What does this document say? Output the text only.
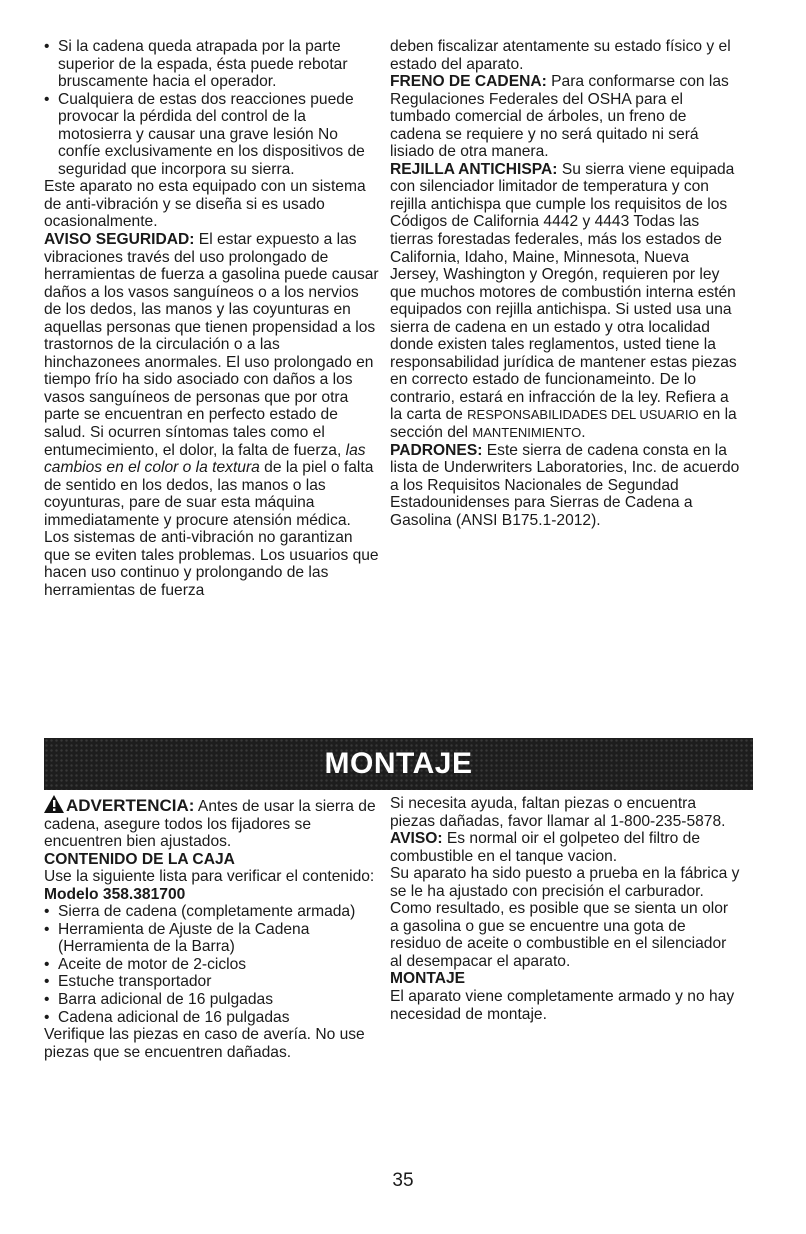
• Si la cadena queda atrapada por la parte superior de la espada, ésta puede rebotar bruscamente hacia el operador.
• Cualquiera de estas dos reacciones puede provocar la pérdida del control de la motosierra y causar una grave lesión No confíe exclusivamente en los dispositivos de seguridad que incorpora su sierra.

Este aparato no esta equipado con un sistema de anti-vibración y se diseña si es usado ocasionalmente.

AVISO SEGURIDAD: El estar expuesto a las vibraciones través del uso prolongado de herramientas de fuerza a gasolina puede causar daños a los vasos sanguíneos o a los nervios de los dedos, las manos y las coyunturas en aquellas personas que tienen propensidad a los trastornos de la circulación o a las hinchazonees anormales. El uso prolongado en tiempo frío ha sido asociado con daños a los vasos sanguíneos de personas que por otra parte se encuentran en perfecto estado de salud. Si ocurren síntomas tales como el entumecimiento, el dolor, la falta de fuerza, las cambios en el color o la textura de la piel o falta de sentido en los dedos, las manos o las coyunturas, pare de suar esta máquina immediatamente y procure atensión médica. Los sistemas de anti-vibración no garantizan que se eviten tales problemas. Los usuarios que hacen uso continuo y prolongando de las herramientas de fuerza

deben fiscalizar atentamente su estado físico y el estado del aparato.

FRENO DE CADENA: Para conformarse con las Regulaciones Federales del OSHA para el tumbado comercial de árboles, un freno de cadena se requiere y no será quitado ni será lisiado de otra manera.

REJILLA ANTICHISPA: Su sierra viene equipada con silenciador limitador de temperatura y con rejilla antichispa que cumple los requisitos de los Códigos de California 4442 y 4443 Todas las tierras forestadas federales, más los estados de California, Idaho, Maine, Minnesota, Nueva Jersey, Washington y Oregón, requieren por ley que muchos motores de combustión interna estén equipados con rejilla antichispa. Si usted usa una sierra de cadena en un estado y otra localidad donde existen tales reglamentos, usted tiene la responsabilidad jurídica de mantener estas piezas en correcto estado de funcionameinto. De lo contrario, estará en infracción de la ley. Refiera a la carta de RESPONSABILIDADES DEL USUARIO en la sección del MANTENIMIENTO.

PADRONES: Este sierra de cadena consta en la lista de Underwriters Laboratories, Inc. de acuerdo a los Requisitos Nacionales de Segundad Estadounidenses para Sierras de Cadena a Gasolina (ANSI B175.1-2012).

MONTAJE

ADVERTENCIA: Antes de usar la sierra de cadena, asegure todos los fijadores se encuentren bien ajustados.

CONTENIDO DE LA CAJA

Use la siguiente lista para verificar el contenido:

Modelo 358.381700

• Sierra de cadena (completamente armada)
• Herramienta de Ajuste de la Cadena (Herramienta de la Barra)
• Aceite de motor de 2-ciclos
• Estuche transportador
• Barra adicional de 16 pulgadas
• Cadena adicional de 16 pulgadas

Verifique las piezas en caso de avería. No use piezas que se encuentren dañadas.

Si necesita ayuda, faltan piezas o encuentra piezas dañadas, favor llamar al 1-800-235-5878.

AVISO: Es normal oir el golpeteo del filtro de combustible en el tanque vacion.

Su aparato ha sido puesto a prueba en la fábrica y se le ha ajustado con precisión el carburador. Como resultado, es posible que se sienta un olor a gasolina o gue se encuentre una gota de residuo de aceite o combustible en el silenciador al desempacar el aparato.

MONTAJE

El aparato viene completamente armado y no hay necesidad de montaje.

35
